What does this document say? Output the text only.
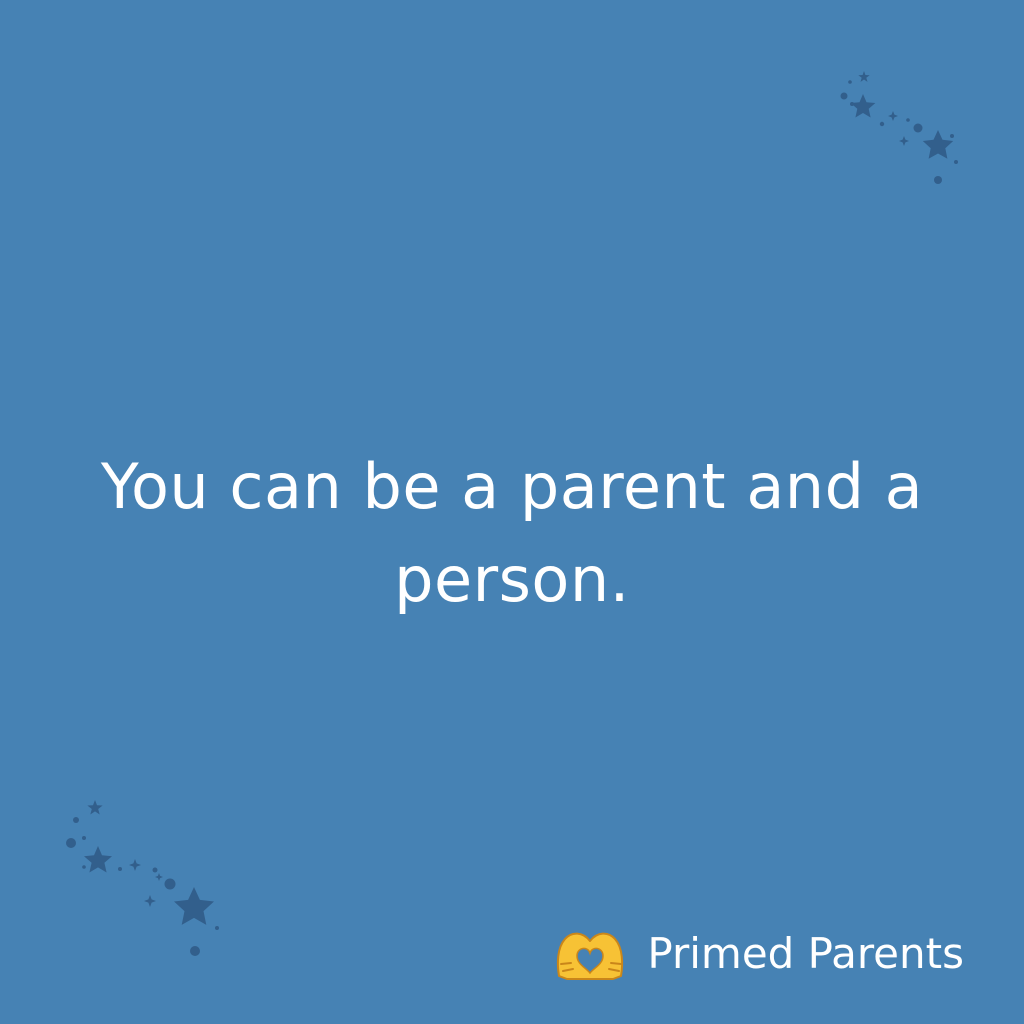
You can be a parent and a person.

Primed Parents
